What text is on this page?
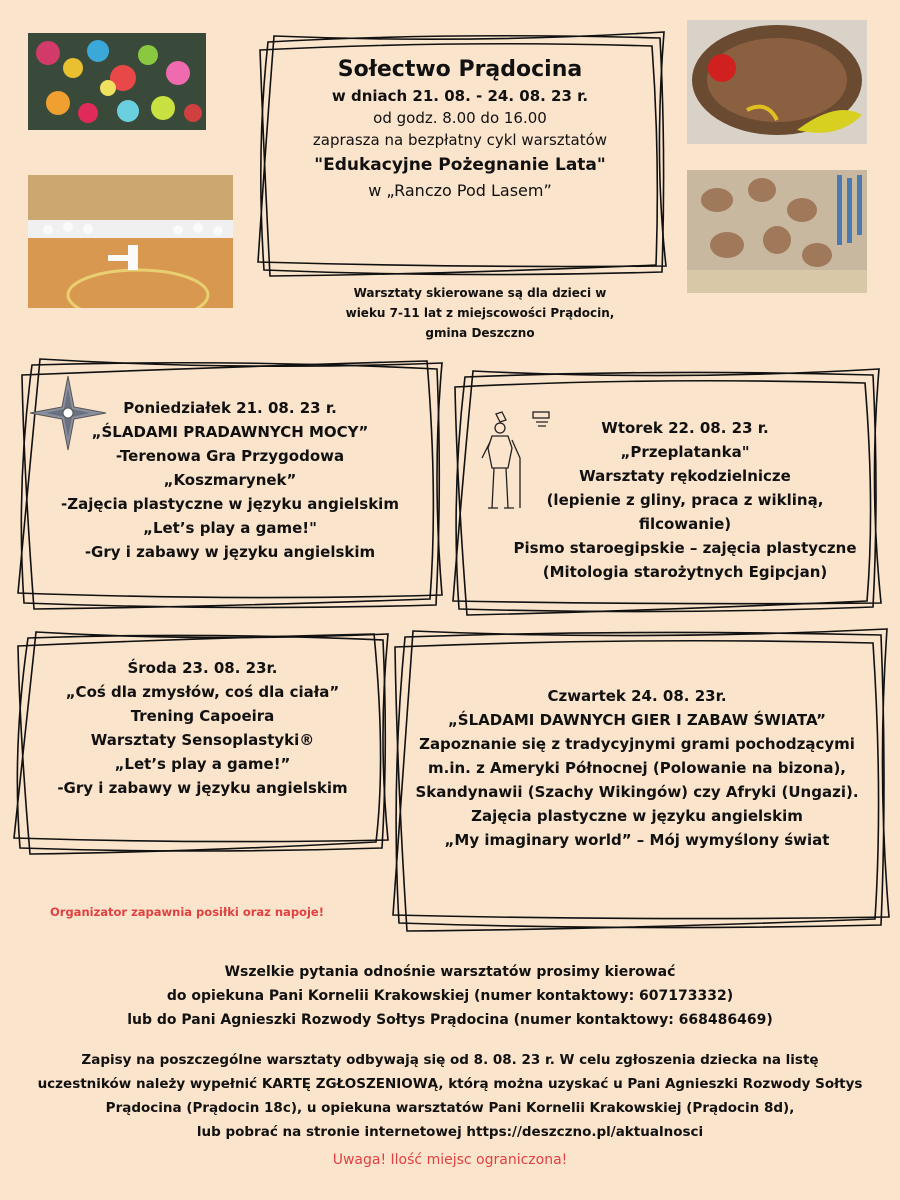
Sołectwo Prądocina
w dniach 21. 08. - 24. 08. 23 r.
od godz. 8.00 do 16.00
zaprasza na bezpłatny cykl warsztatów
"Edukacyjne Pożegnanie Lata"
w „Ranczo Pod Lasem”
Warsztaty skierowane są dla dzieci w
wieku 7-11 lat z miejscowości Prądocin,
gmina Deszczno
Poniedziałek 21. 08. 23 r.
„ŚLADAMI PRADAWNYCH MOCY”
-Terenowa Gra Przygodowa
„Koszmarynek”
-Zajęcia plastyczne w języku angielskim
„Let’s play a game!"
-Gry i zabawy w języku angielskim
Wtorek 22. 08. 23 r.
„Przeplatanka"
Warsztaty rękodzielnicze
(lepienie z gliny, praca z wikliną,
filcowanie)
Pismo staroegipskie – zajęcia plastyczne
(Mitologia starożytnych Egipcjan)
Środa 23. 08. 23r.
„Coś dla zmysłów, coś dla ciała”
Trening Capoeira
Warsztaty Sensoplastyki®
„Let’s play a game!”
-Gry i zabawy w języku angielskim
Czwartek 24. 08. 23r.
„ŚLADAMI DAWNYCH GIER I ZABAW ŚWIATA”
Zapoznanie się z tradycyjnymi grami pochodzącymi
m.in. z Ameryki Północnej (Polowanie na bizona),
Skandynawii (Szachy Wikingów) czy Afryki (Ungazi).
Zajęcia plastyczne w języku angielskim
„My imaginary world” – Mój wymyślony świat
Organizator zapawnia posiłki oraz napoje!
Wszelkie pytania odnośnie warsztatów prosimy kierować
do opiekuna Pani Kornelii Krakowskiej (numer kontaktowy: 607173332)
lub do Pani Agnieszki Rozwody Sołtys Prądocina (numer kontaktowy: 668486469)
Zapisy na poszczególne warsztaty odbywają się od 8. 08. 23 r. W celu zgłoszenia dziecka na listę
uczestników należy wypełnić KARTĘ ZGŁOSZENIOWĄ, którą można uzyskać u Pani Agnieszki Rozwody Sołtys
Prądocina (Prądocin 18c), u opiekuna warsztatów Pani Kornelii Krakowskiej (Prądocin 8d),
lub pobrać na stronie internetowej https://deszczno.pl/aktualnosci
Uwaga! Ilość miejsc ograniczona!
